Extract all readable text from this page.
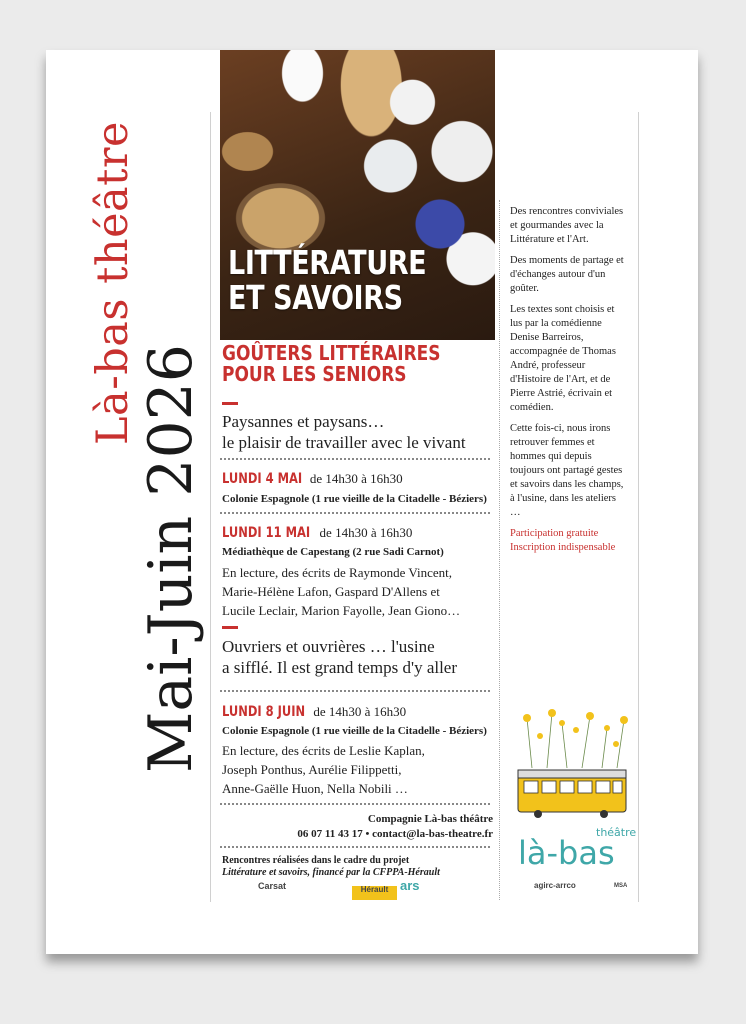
Là-bas théâtre
Mai-Juin 2026
LITTÉRATURE
ET SAVOIRS
GOÛTERS LITTÉRAIRES
POUR LES SENIORS
Paysannes et paysans…
le plaisir de travailler avec le vivant
LUNDI 4 MAI de 14h30 à 16h30
Colonie Espagnole (1 rue vieille de la Citadelle - Béziers)
LUNDI 11 MAI de 14h30 à 16h30
Médiathèque de Capestang (2 rue Sadi Carnot)
En lecture, des écrits de Raymonde Vincent,
Marie-Hélène Lafon, Gaspard D'Allens et
Lucile Leclair, Marion Fayolle, Jean Giono…
Ouvriers et ouvrières … l'usine
a sifflé. Il est grand temps d'y aller
LUNDI 8 JUIN de 14h30 à 16h30
Colonie Espagnole (1 rue vieille de la Citadelle - Béziers)
En lecture, des écrits de Leslie Kaplan,
Joseph Ponthus, Aurélie Filippetti,
Anne-Gaëlle Huon, Nella Nobili …
Compagnie Là-bas théâtre
06 07 11 43 17 • contact@la-bas-theatre.fr
Rencontres réalisées dans le cadre du projet
Littérature et savoirs, financé par la CFPPA-Hérault

Des rencontres conviviales et gourmandes avec la Littérature et l'Art.

Des moments de partage et d'échanges autour d'un goûter.

Les textes sont choisis et lus par la comédienne Denise Barreiros, accompagnée de Thomas André, professeur d'Histoire de l'Art, et de Pierre Astrié, écrivain et comédien.

Cette fois-ci, nous irons retrouver femmes et hommes qui depuis toujours ont partagé gestes et savoirs dans les champs, à l'usine, dans les ateliers …

Participation gratuite

Inscription indispensable

théâtre
là-bas
Carsat	Hérault ars	agirc-arrco	MSA
